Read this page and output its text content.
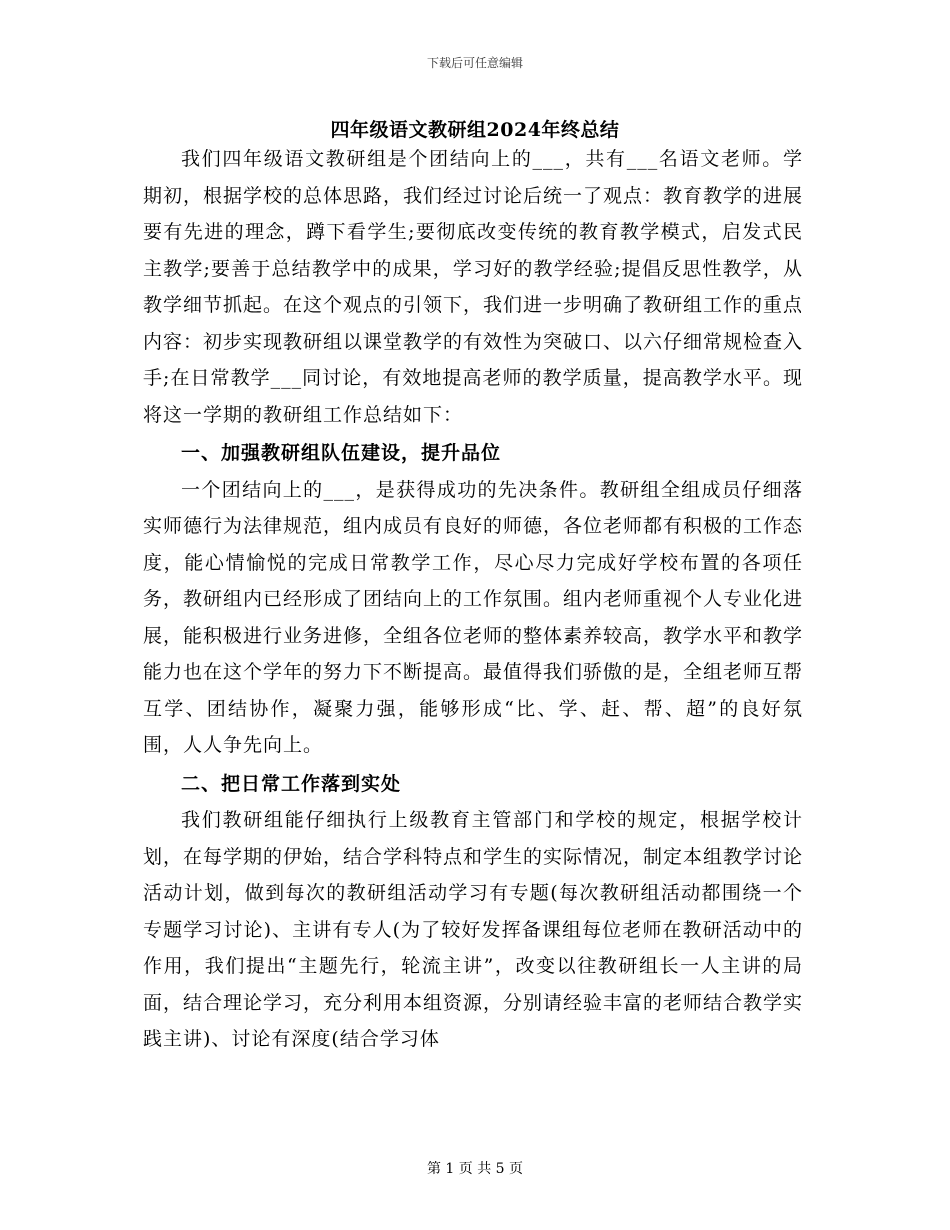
下载后可任意编辑
四年级语文教研组2024年终总结

我们四年级语文教研组是个团结向上的___，共有___名语文老师。学期初，根据学校的总体思路，我们经过讨论后统一了观点：教育教学的进展要有先进的理念，蹲下看学生;要彻底改变传统的教育教学模式，启发式民主教学;要善于总结教学中的成果，学习好的教学经验;提倡反思性教学，从教学细节抓起。在这个观点的引领下，我们进一步明确了教研组工作的重点内容：初步实现教研组以课堂教学的有效性为突破口、以六仔细常规检查入手;在日常教学___同讨论，有效地提高老师的教学质量，提高教学水平。现将这一学期的教研组工作总结如下：

一、加强教研组队伍建设，提升品位

一个团结向上的___，是获得成功的先决条件。教研组全组成员仔细落实师德行为法律规范，组内成员有良好的师德，各位老师都有积极的工作态度，能心情愉悦的完成日常教学工作，尽心尽力完成好学校布置的各项任务，教研组内已经形成了团结向上的工作氛围。组内老师重视个人专业化进展，能积极进行业务进修，全组各位老师的整体素养较高，教学水平和教学能力也在这个学年的努力下不断提高。最值得我们骄傲的是，全组老师互帮互学、团结协作，凝聚力强，能够形成“比、学、赶、帮、超”的良好氛围，人人争先向上。

二、把日常工作落到实处

我们教研组能仔细执行上级教育主管部门和学校的规定，根据学校计划，在每学期的伊始，结合学科特点和学生的实际情况，制定本组教学讨论活动计划，做到每次的教研组活动学习有专题(每次教研组活动都围绕一个专题学习讨论)、主讲有专人(为了较好发挥备课组每位老师在教研活动中的作用，我们提出“主题先行，轮流主讲”，改变以往教研组长一人主讲的局面，结合理论学习，充分利用本组资源，分别请经验丰富的老师结合教学实践主讲)、讨论有深度(结合学习体

第 1 页 共 5 页
